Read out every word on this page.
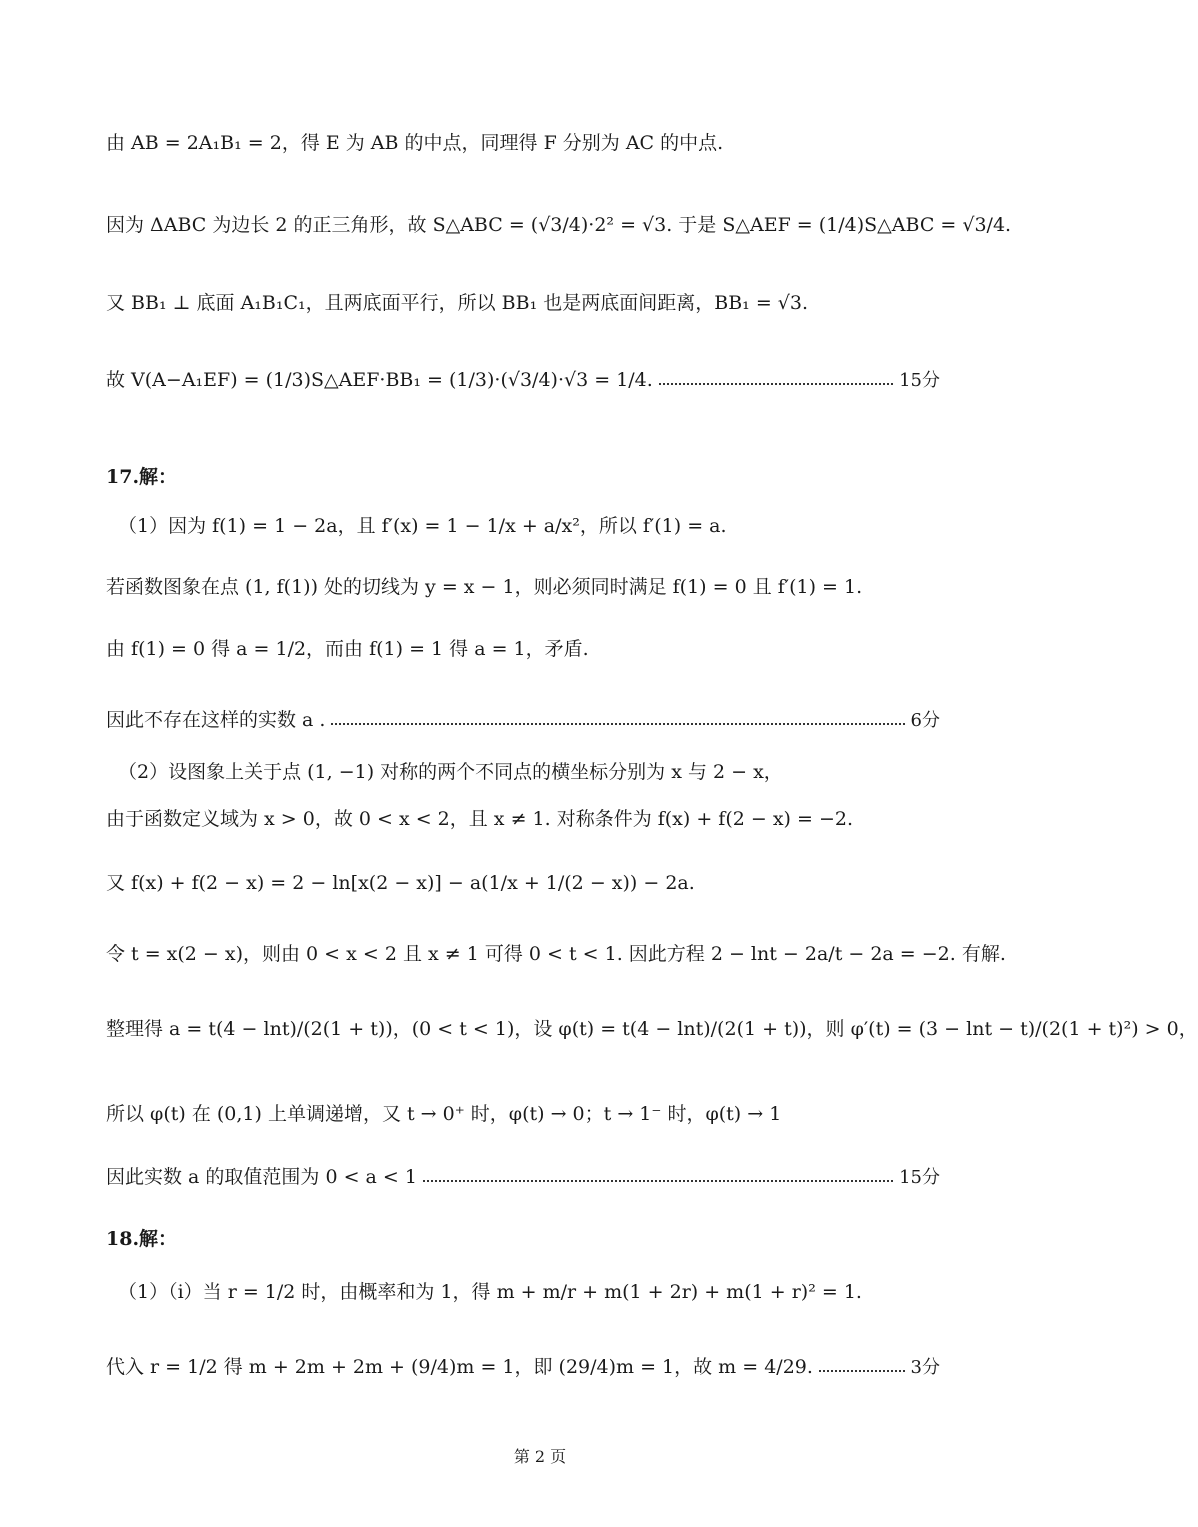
由 AB = 2A₁B₁ = 2，得 E 为 AB 的中点，同理得 F 分别为 AC 的中点.
因为 ΔABC 为边长 2 的正三角形，故 S△ABC = (√3/4)·2² = √3. 于是 S△AEF = (1/4)S△ABC = √3/4.
又 BB₁ ⊥ 底面 A₁B₁C₁，且两底面平行，所以 BB₁ 也是两底面间距离，BB₁ = √3.
故 V(A−A₁EF) = (1/3)S△AEF·BB₁ = (1/3)·(√3/4)·√3 = 1/4.	15分
17.解：
（1）因为 f(1) = 1 − 2a，且 f′(x) = 1 − 1/x + a/x²，所以 f′(1) = a.
若函数图象在点 (1, f(1)) 处的切线为 y = x − 1，则必须同时满足 f(1) = 0 且 f′(1) = 1.
由 f(1) = 0 得 a = 1/2，而由 f(1) = 1 得 a = 1，矛盾.
因此不存在这样的实数 a .	6分
（2）设图象上关于点 (1, −1) 对称的两个不同点的横坐标分别为 x 与 2 − x，
由于函数定义域为 x > 0，故 0 < x < 2，且 x ≠ 1. 对称条件为 f(x) + f(2 − x) = −2.
又 f(x) + f(2 − x) = 2 − ln[x(2 − x)] − a(1/x + 1/(2 − x)) − 2a.
令 t = x(2 − x)，则由 0 < x < 2 且 x ≠ 1 可得 0 < t < 1. 因此方程 2 − lnt − 2a/t − 2a = −2. 有解.
整理得 a = t(4 − lnt)/(2(1 + t))，(0 < t < 1)，设 φ(t) = t(4 − lnt)/(2(1 + t))，则 φ′(t) = (3 − lnt − t)/(2(1 + t)²) > 0，
所以 φ(t) 在 (0,1) 上单调递增，又 t → 0⁺ 时，φ(t) → 0；t → 1⁻ 时，φ(t) → 1
因此实数 a 的取值范围为 0 < a < 1	15分
18.解：
（1）（ⅰ）当 r = 1/2 时，由概率和为 1，得 m + m/r + m(1 + 2r) + m(1 + r)² = 1.
代入 r = 1/2 得 m + 2m + 2m + (9/4)m = 1，即 (29/4)m = 1，故 m = 4/29.	3分
第 2 页
